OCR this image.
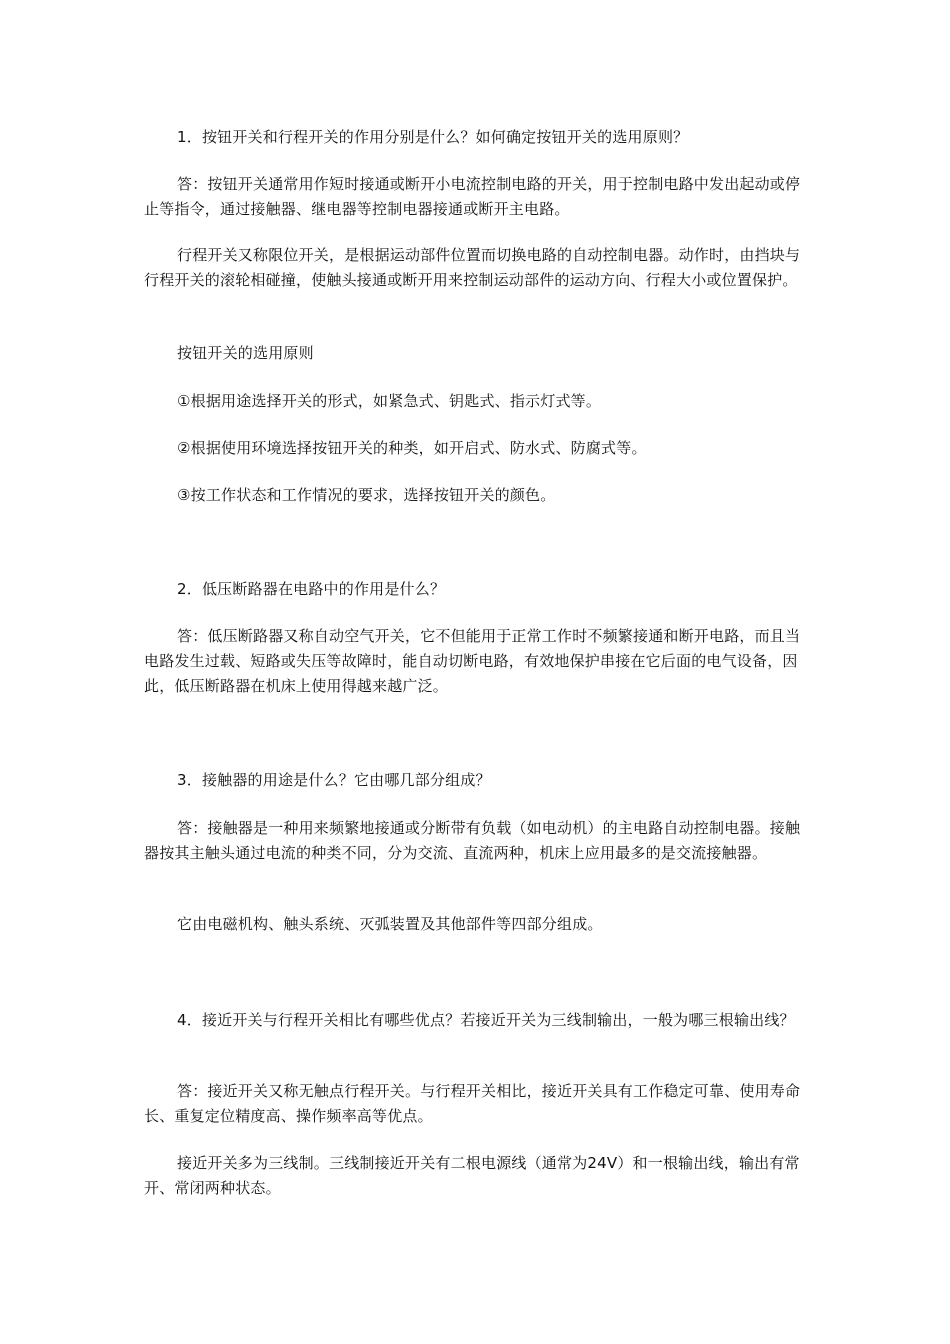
1．按钮开关和行程开关的作用分别是什么？如何确定按钮开关的选用原则？

答：按钮开关通常用作短时接通或断开小电流控制电路的开关，用于控制电路中发出起动或停止等指令，通过接触器、继电器等控制电器接通或断开主电路。

行程开关又称限位开关，是根据运动部件位置而切换电路的自动控制电器。动作时，由挡块与行程开关的滚轮相碰撞，使触头接通或断开用来控制运动部件的运动方向、行程大小或位置保护。

按钮开关的选用原则

①根据用途选择开关的形式，如紧急式、钥匙式、指示灯式等。

②根据使用环境选择按钮开关的种类，如开启式、防水式、防腐式等。

③按工作状态和工作情况的要求，选择按钮开关的颜色。

2．低压断路器在电路中的作用是什么？

答：低压断路器又称自动空气开关，它不但能用于正常工作时不频繁接通和断开电路，而且当电路发生过载、短路或失压等故障时，能自动切断电路，有效地保护串接在它后面的电气设备，因此，低压断路器在机床上使用得越来越广泛。

3．接触器的用途是什么？它由哪几部分组成？

答：接触器是一种用来频繁地接通或分断带有负载（如电动机）的主电路自动控制电器。接触器按其主触头通过电流的种类不同，分为交流、直流两种，机床上应用最多的是交流接触器。

它由电磁机构、触头系统、灭弧装置及其他部件等四部分组成。

4．接近开关与行程开关相比有哪些优点？若接近开关为三线制输出，一般为哪三根输出线？

答：接近开关又称无触点行程开关。与行程开关相比，接近开关具有工作稳定可靠、使用寿命长、重复定位精度高、操作频率高等优点。

接近开关多为三线制。三线制接近开关有二根电源线（通常为24V）和一根输出线，输出有常开、常闭两种状态。
